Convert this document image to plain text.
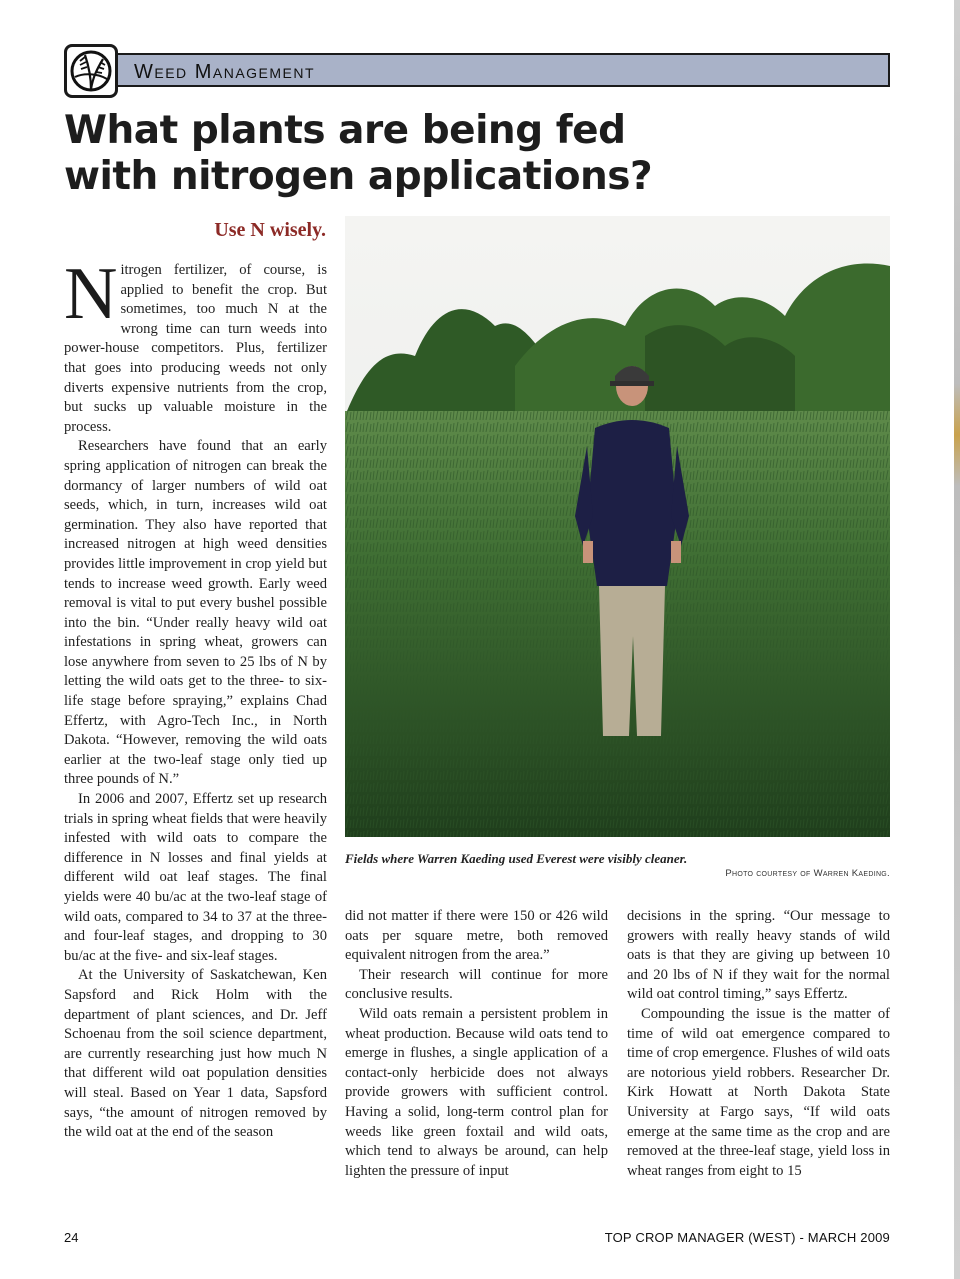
Weed Management
What plants are being fed
with nitrogen applications?
Use N wisely.

Nitrogen fertilizer, of course, is applied to benefit the crop. But sometimes, too much N at the wrong time can turn weeds into power-house competitors. Plus, fertilizer that goes into producing weeds not only diverts expensive nutrients from the crop, but sucks up valuable moisture in the process.

Researchers have found that an early spring application of nitrogen can break the dormancy of larger numbers of wild oat seeds, which, in turn, increases wild oat germination. They also have reported that increased nitrogen at high weed densities provides little improvement in crop yield but tends to increase weed growth. Early weed removal is vital to put every bushel possible into the bin. “Under really heavy wild oat infestations in spring wheat, growers can lose anywhere from seven to 25 lbs of N by letting the wild oats get to the three- to six-life stage before spraying,” explains Chad Effertz, with Agro-Tech Inc., in North Dakota. “However, removing the wild oats earlier at the two-leaf stage only tied up three pounds of N.”

In 2006 and 2007, Effertz set up research trials in spring wheat fields that were heavily infested with wild oats to compare the difference in N losses and final yields at different wild oat leaf stages. The final yields were 40 bu/ac at the two-leaf stage of wild oats, compared to 34 to 37 at the three- and four-leaf stages, and dropping to 30 bu/ac at the five- and six-leaf stages.

At the University of Saskatchewan, Ken Sapsford and Rick Holm with the department of plant sciences, and Dr. Jeff Schoenau from the soil science department, are currently researching just how much N that different wild oat population densities will steal. Based on Year 1 data, Sapsford says, “the amount of nitrogen removed by the wild oat at the end of the season

Fields where Warren Kaeding used Everest were visibly cleaner.
Photo courtesy of Warren Kaeding.

did not matter if there were 150 or 426 wild oats per square metre, both removed equivalent nitrogen from the area.”

Their research will continue for more conclusive results.

Wild oats remain a persistent problem in wheat production. Because wild oats tend to emerge in flushes, a single application of a contact-only herbicide does not always provide growers with sufficient control. Having a solid, long-term control plan for weeds like green foxtail and wild oats, which tend to always be around, can help lighten the pressure of input

decisions in the spring. “Our message to growers with really heavy stands of wild oats is that they are giving up between 10 and 20 lbs of N if they wait for the normal wild oat control timing,” says Effertz.

Compounding the issue is the matter of time of wild oat emergence compared to time of crop emergence. Flushes of wild oats are notorious yield robbers. Researcher Dr. Kirk Howatt at North Dakota State University at Fargo says, “If wild oats emerge at the same time as the crop and are removed at the three-leaf stage, yield loss in wheat ranges from eight to 15

24	TOP CROP MANAGER (WEST) - MARCH 2009
